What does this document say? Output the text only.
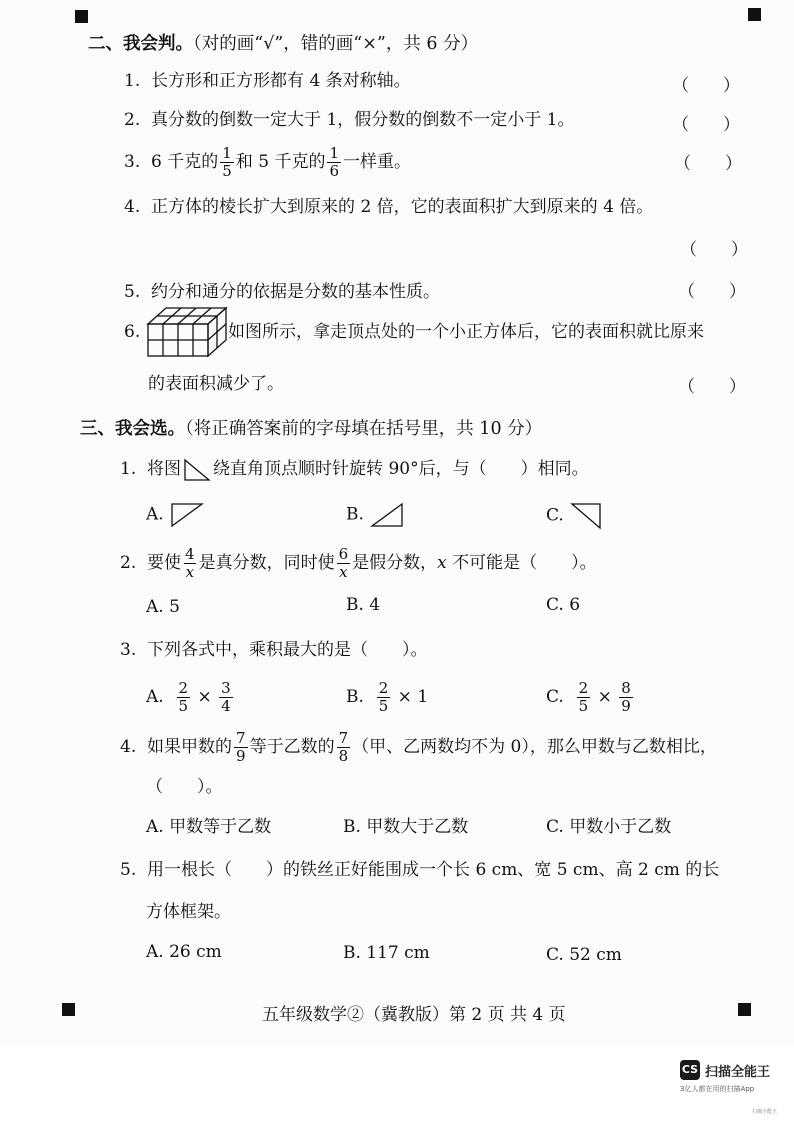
二、我会判。（对的画“√”，错的画“×”，共 6 分）
1. 长方形和正方形都有 4 条对称轴。	（　　）
2. 真分数的倒数一定大于 1，假分数的倒数不一定小于 1。	（　　）
3. 6 千克的 $\frac{1}{5}$ 和 5 千克的 $\frac{1}{6}$ 一样重。	（　　）
4. 正方体的棱长扩大到原来的 2 倍，它的表面积扩大到原来的 4 倍。
（　　）
5. 约分和通分的依据是分数的基本性质。	（　　）
6.	如图所示，拿走顶点处的一个小正方体后，它的表面积就比原来
的表面积减少了。	（　　）
三、我会选。（将正确答案前的字母填在括号里，共 10 分）
1. 将图 绕直角顶点顺时针旋转 90°后，与（　　）相同。
A.	B.	C.
2. 要使 $\frac{4}{x}$ 是真分数，同时使 $\frac{6}{x}$ 是假分数，x 不可能是（　　）。
A. 5	B. 4	C. 6
3. 下列各式中，乘积最大的是（　　）。
A. $\frac{2}{5} \times \frac{3}{4}$	B. $\frac{2}{5} \times 1$	C. $\frac{2}{5} \times \frac{8}{9}$
4. 如果甲数的 $\frac{7}{9}$ 等于乙数的 $\frac{7}{8}$ （甲、乙两数均不为 0），那么甲数与乙数相比，
（　　）。
A. 甲数等于乙数	B. 甲数大于乙数	C. 甲数小于乙数
5. 用一根长（　　）的铁丝正好能围成一个长 6 cm、宽 5 cm、高 2 cm 的长
方体框架。
A. 26 cm	B. 117 cm	C. 52 cm
五年级数学②（冀教版）第 2 页 共 4 页
CS 扫描全能王
3亿人都在用的扫描App
扫描全能王
